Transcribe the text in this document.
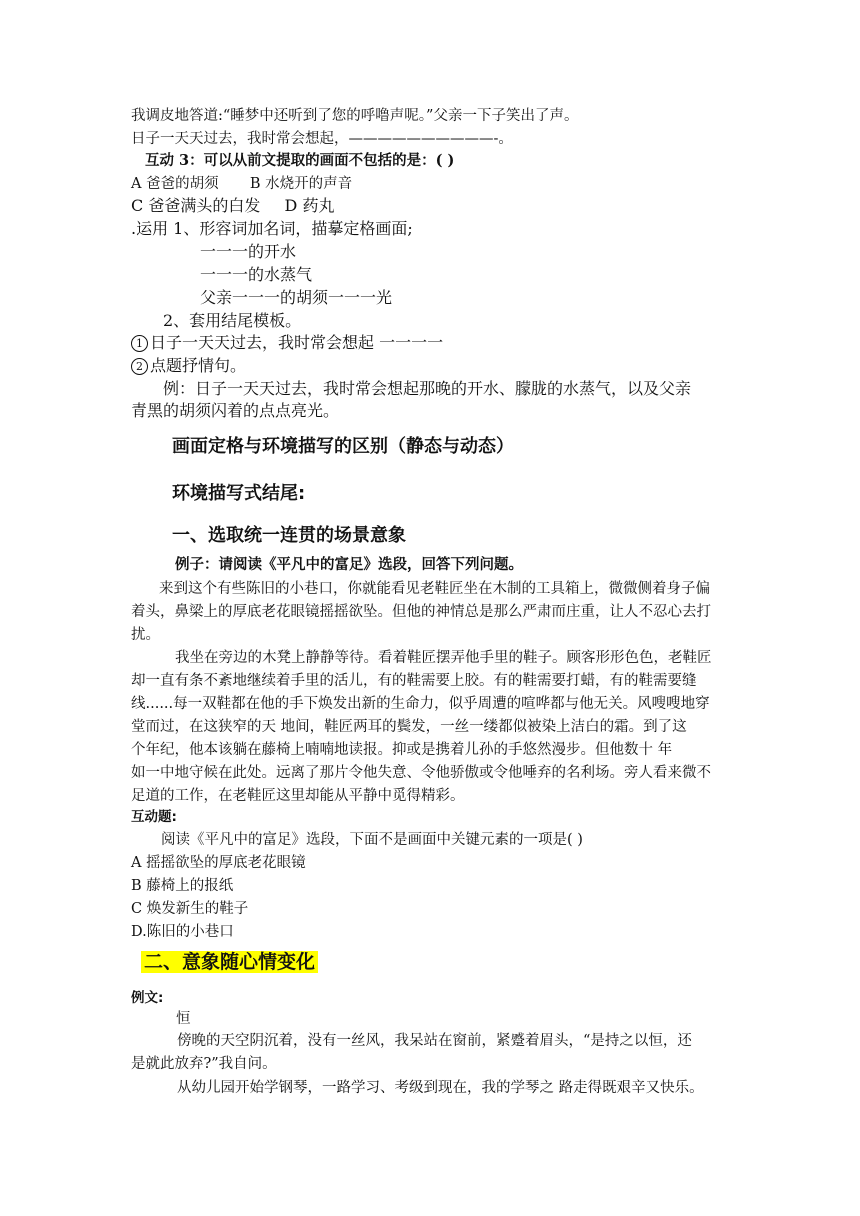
我调皮地答道:“睡梦中还听到了您的呼噜声呢。”父亲一下子笑出了声。
日子一天天过去，我时常会想起，——————————-。
互动 3：可以从前文提取的画面不包括的是：( )
A 爸爸的胡须 B 水烧开的声音
C 爸爸满头的白发 D 药丸
.运用 1、形容词加名词，描摹定格画面;
一一一的开水
一一一的水蒸气
父亲一一一的胡须一一一光
2、套用结尾模板。
1 日子一天天过去，我时常会想起 一一一一
2 点题抒情句。
例：日子一天天过去，我时常会想起那晚的开水、朦胧的水蒸气，以及父亲
青黑的胡须闪着的点点亮光。
画面定格与环境描写的区别（静态与动态）
环境描写式结尾:
一、选取统一连贯的场景意象
例子：请阅读《平凡中的富足》选段，回答下列问题。
来到这个有些陈旧的小巷口，你就能看见老鞋匠坐在木制的工具箱上，微微侧着身子偏
着头，鼻梁上的厚底老花眼镜摇摇欲坠。但他的神情总是那么严肃而庄重，让人不忍心去打
扰。
我坐在旁边的木凳上静静等待。看着鞋匠摆弄他手里的鞋子。顾客形形色色，老鞋匠
却一直有条不紊地继续着手里的活儿，有的鞋需要上胶。有的鞋需要打蜡，有的鞋需要缝
线......每一双鞋都在他的手下焕发出新的生命力，似乎周遭的喧哗都与他无关。风嗖嗖地穿
堂而过，在这狭窄的天 地间，鞋匠两耳的鬓发，一丝一缕都似被染上洁白的霜。到了这
个年纪，他本该躺在藤椅上喃喃地读报。抑或是携着儿孙的手悠然漫步。但他数十 年
如一中地守候在此处。远离了那片令他失意、令他骄傲或令他唾弃的名利场。旁人看来微不
足道的工作，在老鞋匠这里却能从平静中觅得精彩。
互动题:
阅读《平凡中的富足》选段，下面不是画面中关键元素的一项是( )
A 摇摇欲坠的厚底老花眼镜
B 藤椅上的报纸
C 焕发新生的鞋子
D.陈旧的小巷口
二、意象随心情变化
例文:
恒
傍晚的天空阴沉着，没有一丝风，我呆站在窗前，紧蹙着眉头，“是持之以恒，还
是就此放弃?”我自问。
从幼儿园开始学钢琴，一路学习、考级到现在，我的学琴之 路走得既艰辛又快乐。
